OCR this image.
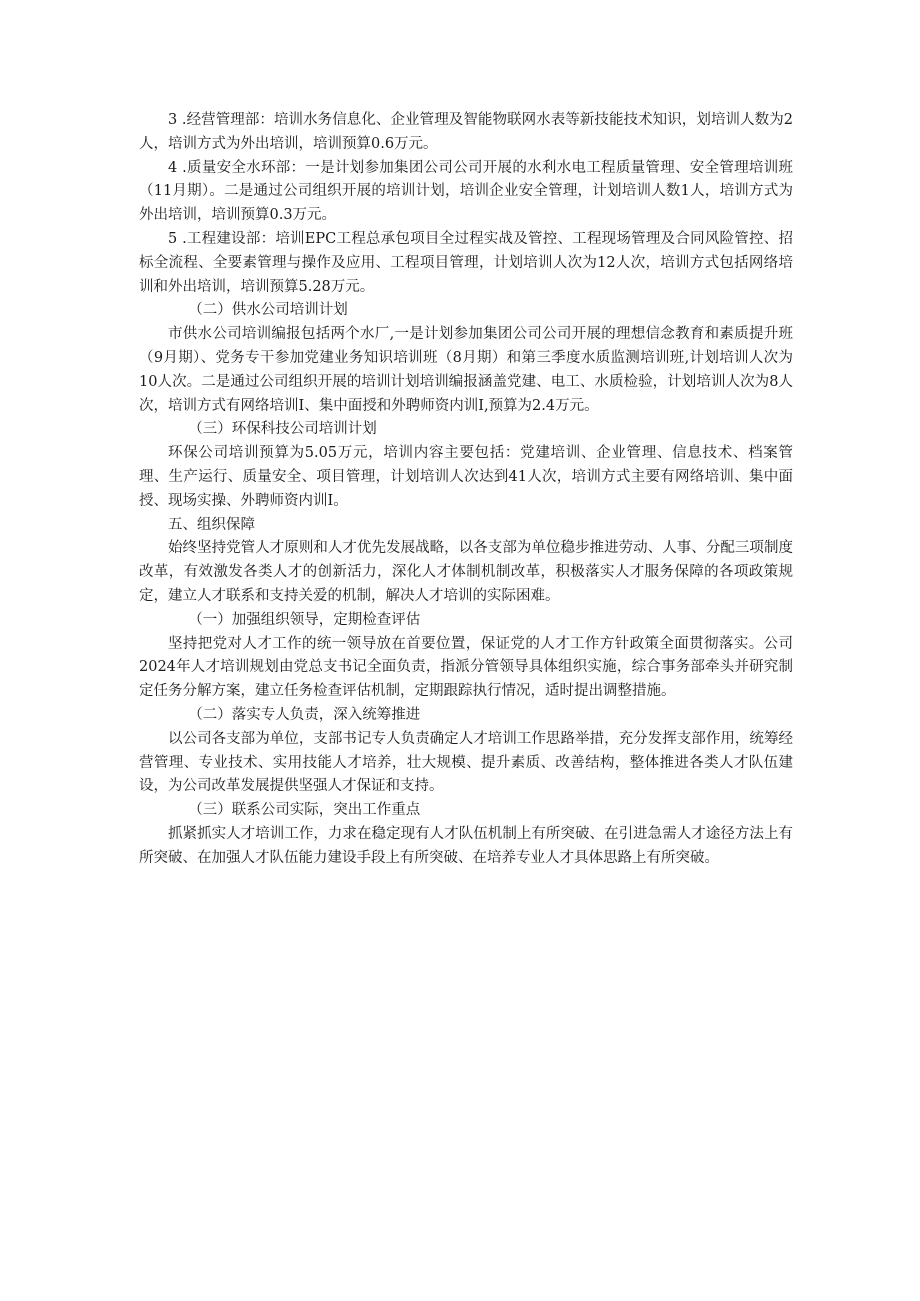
3 .经营管理部：培训水务信息化、企业管理及智能物联网水表等新技能技术知识，划培训人数为2人，培训方式为外出培训，培训预算0.6万元。

4 .质量安全水环部：一是计划参加集团公司公司开展的水利水电工程质量管理、安全管理培训班（11月期）。二是通过公司组织开展的培训计划，培训企业安全管理，计划培训人数1人，培训方式为外出培训，培训预算0.3万元。

5 .工程建设部：培训EPC工程总承包项目全过程实战及管控、工程现场管理及合同风险管控、招标全流程、全要素管理与操作及应用、工程项目管理，计划培训人次为12人次，培训方式包括网络培训和外出培训，培训预算5.28万元。

（二）供水公司培训计划

市供水公司培训编报包括两个水厂,一是计划参加集团公司公司开展的理想信念教育和素质提升班（9月期）、党务专干参加党建业务知识培训班（8月期）和第三季度水质监测培训班,计划培训人次为10人次。二是通过公司组织开展的培训计划培训编报涵盖党建、电工、水质检验，计划培训人次为8人次，培训方式有网络培训I、集中面授和外聘师资内训I,预算为2.4万元。

（三）环保科技公司培训计划

环保公司培训预算为5.05万元，培训内容主要包括：党建培训、企业管理、信息技术、档案管理、生产运行、质量安全、项目管理，计划培训人次达到41人次，培训方式主要有网络培训、集中面授、现场实操、外聘师资内训I。

五、组织保障

始终坚持党管人才原则和人才优先发展战略，以各支部为单位稳步推进劳动、人事、分配三项制度改革，有效激发各类人才的创新活力，深化人才体制机制改革，积极落实人才服务保障的各项政策规定，建立人才联系和支持关爱的机制，解决人才培训的实际困难。

（一）加强组织领导，定期检查评估

坚持把党对人才工作的统一领导放在首要位置，保证党的人才工作方针政策全面贯彻落实。公司2024年人才培训规划由党总支书记全面负责，指派分管领导具体组织实施，综合事务部牵头并研究制定任务分解方案，建立任务检查评估机制，定期跟踪执行情况，适时提出调整措施。

（二）落实专人负责，深入统筹推进

以公司各支部为单位，支部书记专人负责确定人才培训工作思路举措，充分发挥支部作用，统筹经营管理、专业技术、实用技能人才培养，壮大规模、提升素质、改善结构，整体推进各类人才队伍建设，为公司改革发展提供坚强人才保证和支持。

（三）联系公司实际，突出工作重点

抓紧抓实人才培训工作，力求在稳定现有人才队伍机制上有所突破、在引进急需人才途径方法上有所突破、在加强人才队伍能力建设手段上有所突破、在培养专业人才具体思路上有所突破。
